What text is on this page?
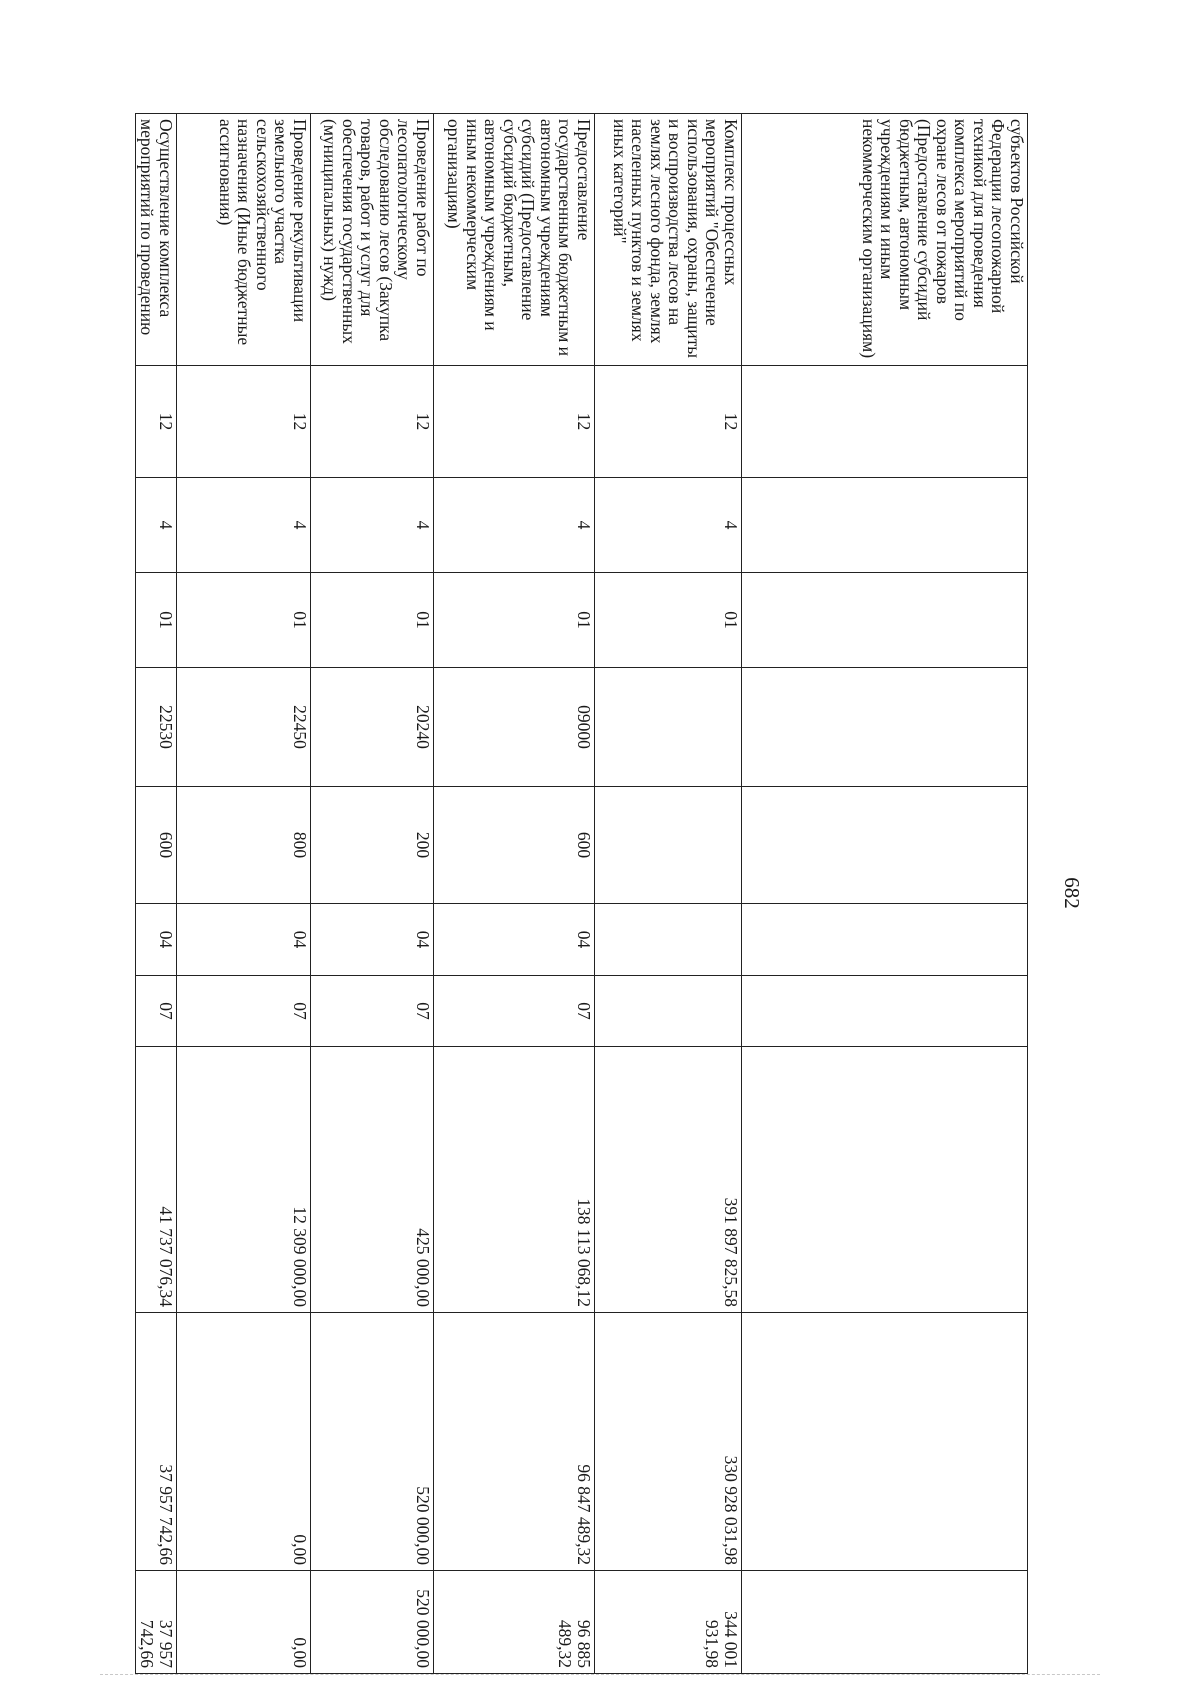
682
субъектов Российской Федерации лесопожарной техникой для проведения комплекса мероприятий по охране лесов от пожаров (Предоставление субсидий бюджетным, автономным учреждениям и иным некоммерческим организациям)										
Комплекс процессных мероприятий "Обеспечение использования, охраны, защиты и воспроизводства лесов на землях лесного фонда, землях населенных пунктов и землях иных категорий"	12	4	01					391 897 825,58	330 928 031,98	344 001 931,98
Предоставление государственным бюджетным и автономным учреждениям субсидий (Предоставление субсидий бюджетным, автономным учреждениям и иным некоммерческим организациям)	12	4	01	09000	600	04	07	138 113 068,12	96 847 489,32	96 885 489,32
Проведение работ по лесопатологическому обследованию лесов (Закупка товаров, работ и услуг для обеспечения государственных (муниципальных) нужд)	12	4	01	20240	200	04	07	425 000,00	520 000,00	520 000,00
Проведение рекультивации земельного участка сельскохозяйственного назначения (Иные бюджетные ассигнования)	12	4	01	22450	800	04	07	12 309 000,00	0,00	0,00
Осуществление комплекса мероприятий по проведению	12	4	01	22530	600	04	07	41 737 076,34	37 957 742,66	37 957 742,66
